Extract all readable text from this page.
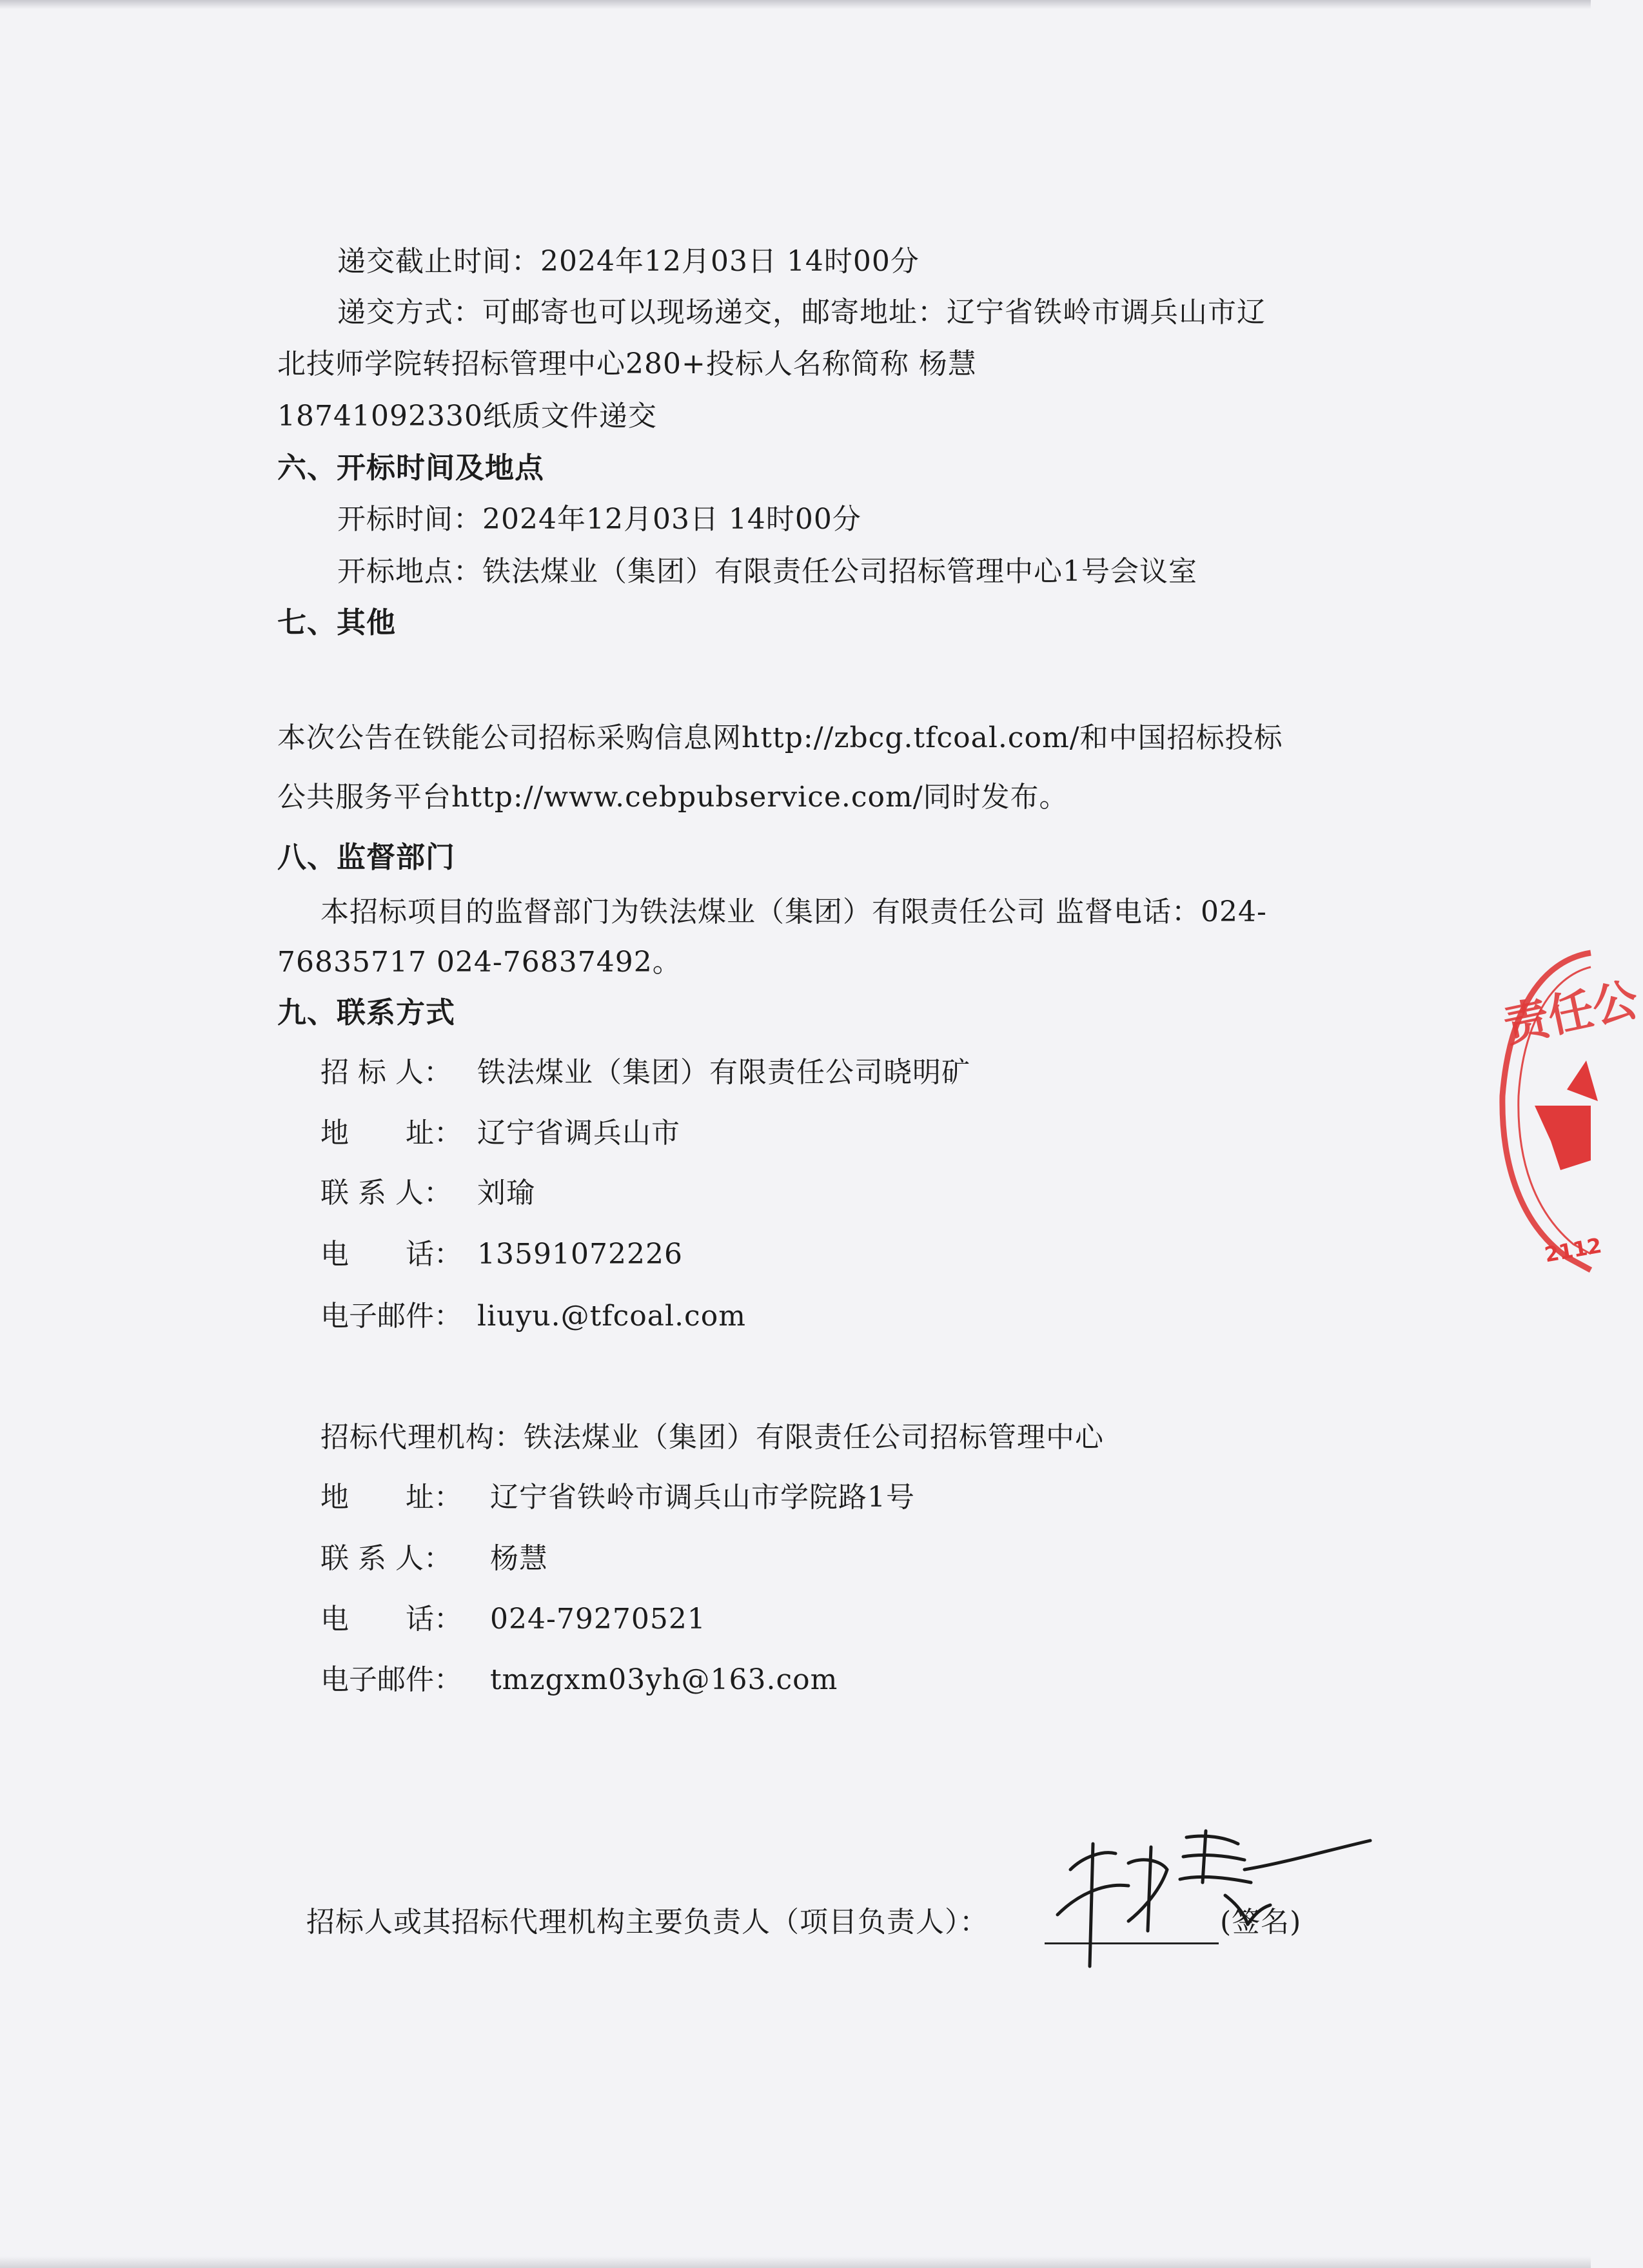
递交截止时间：2024年12月03日 14时00分
递交方式：可邮寄也可以现场递交，邮寄地址：辽宁省铁岭市调兵山市辽
北技师学院转招标管理中心280+投标人名称简称 杨慧
18741092330纸质文件递交
六、开标时间及地点
开标时间：2024年12月03日 14时00分
开标地点：铁法煤业（集团）有限责任公司招标管理中心1号会议室
七、其他
本次公告在铁能公司招标采购信息网http://zbcg.tfcoal.com/和中国招标投标
公共服务平台http://www.cebpubservice.com/同时发布。
八、监督部门
本招标项目的监督部门为铁法煤业（集团）有限责任公司 监督电话：024-
76835717 024-76837492。
九、联系方式
招 标 人： 铁法煤业（集团）有限责任公司晓明矿
地　　址： 辽宁省调兵山市
联 系 人： 刘瑜
电　　话： 13591072226
电子邮件： liuyu.@tfcoal.com
招标代理机构：铁法煤业（集团）有限责任公司招标管理中心
地　　址： 辽宁省铁岭市调兵山市学院路1号
联 系 人： 杨慧
电　　话： 024-79270521
电子邮件： tmzgxm03yh@163.com
招标人或其招标代理机构主要负责人（项目负责人）：	(签名)
责任公
2112
